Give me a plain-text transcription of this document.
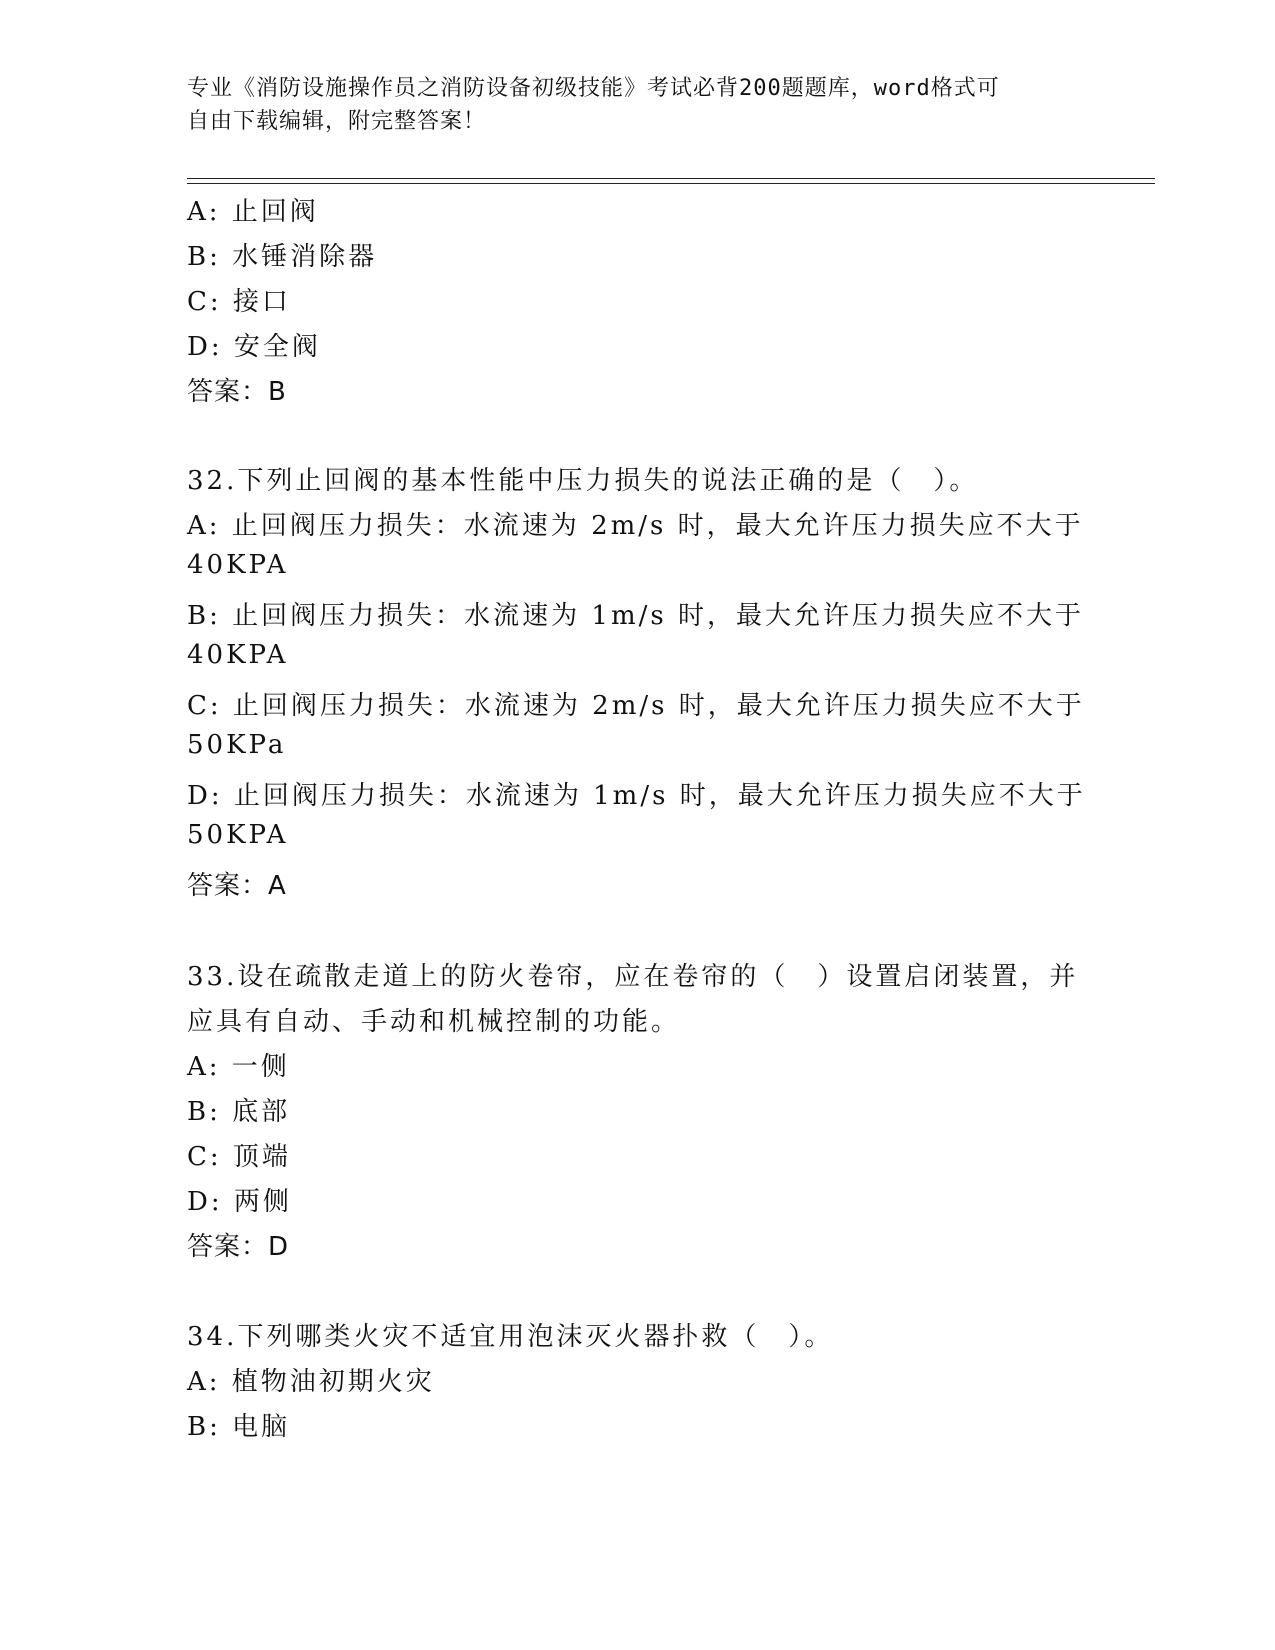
专业《消防设施操作员之消防设备初级技能》考试必背200题题库，word格式可
自由下载编辑，附完整答案！
A: 止回阀
B: 水锤消除器
C: 接口
D: 安全阀
答案：B
32.下列止回阀的基本性能中压力损失的说法正确的是（　）。
A: 止回阀压力损失：水流速为 2m/s 时，最大允许压力损失应不大于
40KPA
B: 止回阀压力损失：水流速为 1m/s 时，最大允许压力损失应不大于
40KPA
C: 止回阀压力损失：水流速为 2m/s 时，最大允许压力损失应不大于
50KPa
D: 止回阀压力损失：水流速为 1m/s 时，最大允许压力损失应不大于
50KPA
答案：A
33.设在疏散走道上的防火卷帘，应在卷帘的（　）设置启闭装置，并
应具有自动、手动和机械控制的功能。
A: 一侧
B: 底部
C: 顶端
D: 两侧
答案：D
34.下列哪类火灾不适宜用泡沫灭火器扑救（　）。
A: 植物油初期火灾
B: 电脑
